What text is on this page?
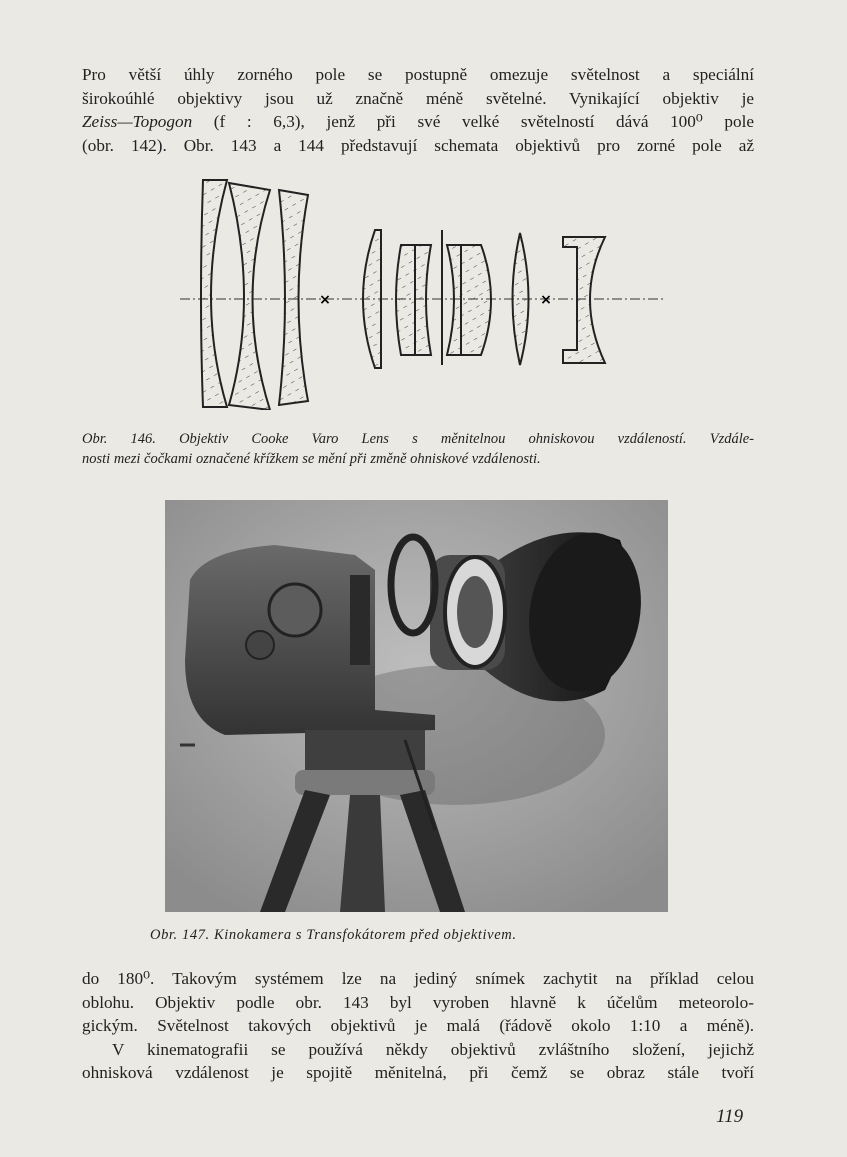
Pro větší úhly zorného pole se postupně omezuje světelnost a speciální
širokoúhlé objektivy jsou už značně méně světelné. Vynikající objektiv je
Zeiss—Topogon (f : 6,3), jenž při své velké světelností dává 100⁰ pole
(obr. 142). Obr. 143 a 144 představují schemata objektivů pro zorné pole až

×	×

Obr. 146. Objektiv Cooke Varo Lens s měnitelnou ohniskovou vzdáleností. Vzdále-
nosti mezi čočkami označené křížkem se mění při změně ohniskové vzdálenosti.

Obr. 147. Kinokamera s Transfokátorem před objektivem.

do 180⁰. Takovým systémem lze na jediný snímek zachytit na příklad celou
oblohu. Objektiv podle obr. 143 byl vyroben hlavně k účelům meteorolo-
gickým. Světelnost takových objektivů je malá (řádově okolo 1:10 a méně).
V kinematografii se používá někdy objektivů zvláštního složení, jejichž
ohnisková vzdálenost je spojitě měnitelná, při čemž se obraz stále tvoří

119
